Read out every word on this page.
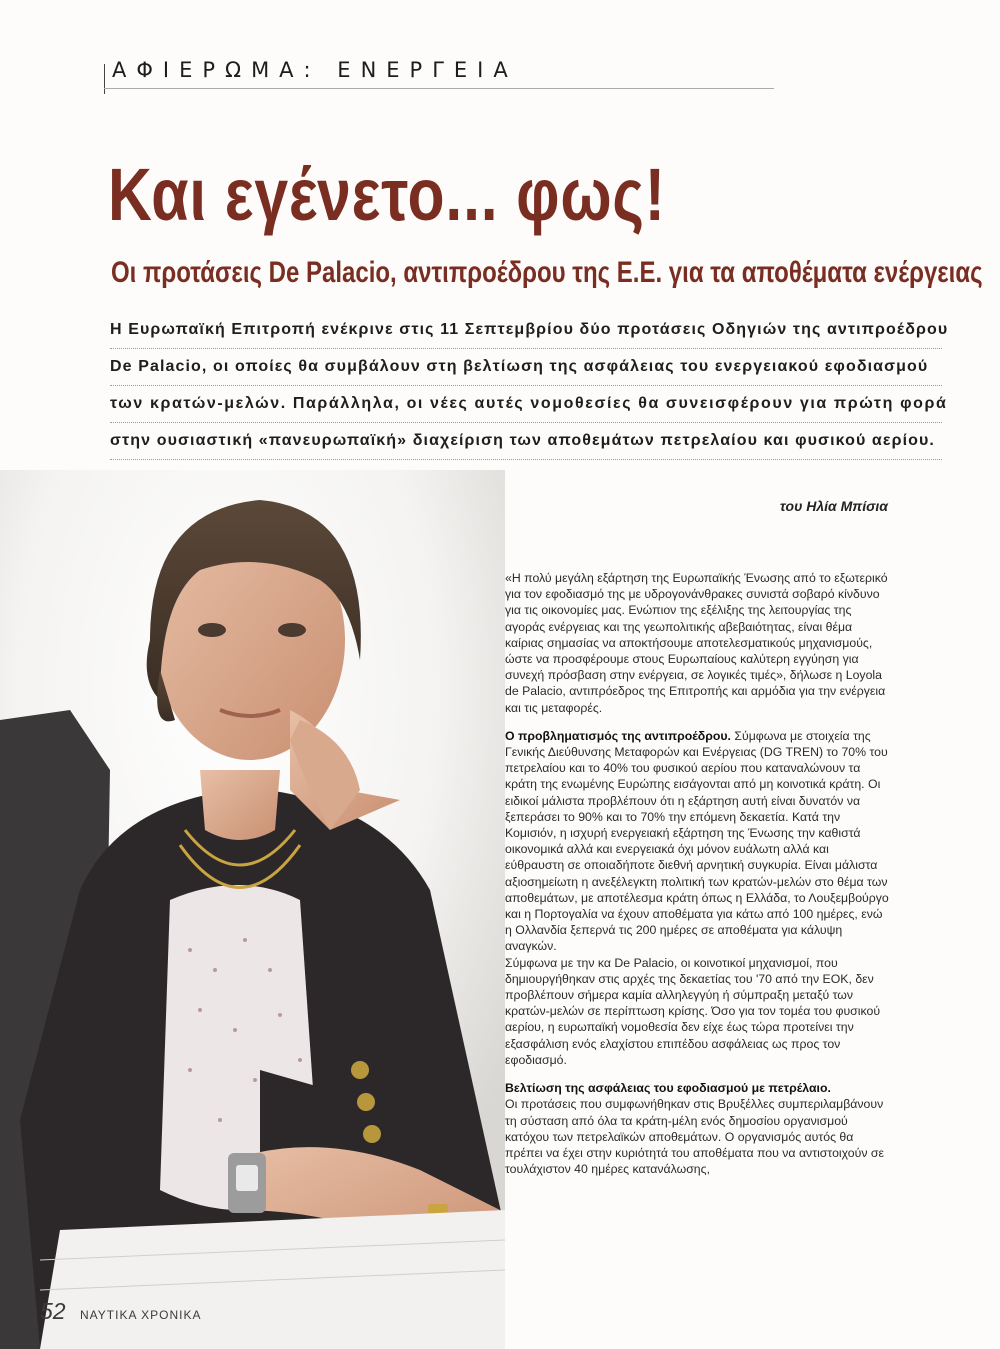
ΑΦΙΕΡΩΜΑ: ΕΝΕΡΓΕΙΑ
Και εγένετο... φως!
Οι προτάσεις De Palacio, αντιπροέδρου της Ε.Ε. για τα αποθέματα ενέργειας
Η Ευρωπαϊκή Επιτροπή ενέκρινε στις 11 Σεπτεμβρίου δύο προτάσεις Οδηγιών της αντιπροέδρου
De Palacio, οι οποίες θα συμβάλουν στη βελτίωση της ασφάλειας του ενεργειακού εφοδιασμού
των κρατών-μελών. Παράλληλα, οι νέες αυτές νομοθεσίες θα συνεισφέρουν για πρώτη φορά
στην ουσιαστική «πανευρωπαϊκή» διαχείριση των αποθεμάτων πετρελαίου και φυσικού αερίου.
του Ηλία Μπίσια

«Η πολύ μεγάλη εξάρτηση της Ευρωπαϊκής Ένωσης από το εξωτερικό για τον εφοδιασμό της με υδρογονάνθρακες συνιστά σοβαρό κίνδυνο για τις οικονομίες μας. Ενώπιον της εξέλιξης της λειτουργίας της αγοράς ενέργειας και της γεωπολιτικής αβεβαιότητας, είναι θέμα καίριας σημασίας να αποκτήσουμε αποτελεσματικούς μηχανισμούς, ώστε να προσφέρουμε στους Ευρωπαίους καλύτερη εγγύηση για συνεχή πρόσβαση στην ενέργεια, σε λογικές τιμές», δήλωσε η Loyola de Palacio, αντιπρόεδρος της Επιτροπής και αρμόδια για την ενέργεια και τις μεταφορές.

Ο προβληματισμός της αντιπροέδρου. Σύμφωνα με στοιχεία της Γενικής Διεύθυνσης Μεταφορών και Ενέργειας (DG TREN) το 70% του πετρελαίου και το 40% του φυσικού αερίου που καταναλώνουν τα κράτη της ενωμένης Ευρώπης εισάγονται από μη κοινοτικά κράτη. Οι ειδικοί μάλιστα προβλέπουν ότι η εξάρτηση αυτή είναι δυνατόν να ξεπεράσει το 90% και το 70% την επόμενη δεκαετία. Κατά την Κομισιόν, η ισχυρή ενεργειακή εξάρτηση της Ένωσης την καθιστά οικονομικά αλλά και ενεργειακά όχι μόνον ευάλωτη αλλά και εύθραυστη σε οποιαδήποτε διεθνή αρνητική συγκυρία. Είναι μάλιστα αξιοσημείωτη η ανεξέλεγκτη πολιτική των κρατών-μελών στο θέμα των αποθεμάτων, με αποτέλεσμα κράτη όπως η Ελλάδα, το Λουξεμβούργο και η Πορτογαλία να έχουν αποθέματα για κάτω από 100 ημέρες, ενώ η Ολλανδία ξεπερνά τις 200 ημέρες σε αποθέματα για κάλυψη αναγκών.
Σύμφωνα με την κα De Palacio, οι κοινοτικοί μηχανισμοί, που δημιουργήθηκαν στις αρχές της δεκαετίας του '70 από την ΕΟΚ, δεν προβλέπουν σήμερα καμία αλληλεγγύη ή σύμπραξη μεταξύ των κρατών-μελών σε περίπτωση κρίσης. Όσο για τον τομέα του φυσικού αερίου, η ευρωπαϊκή νομοθεσία δεν είχε έως τώρα προτείνει την εξασφάλιση ενός ελαχίστου επιπέδου ασφάλειας ως προς τον εφοδιασμό.

Βελτίωση της ασφάλειας του εφοδιασμού με πετρέλαιο.
Οι προτάσεις που συμφωνήθηκαν στις Βρυξέλλες συμπεριλαμβάνουν τη σύσταση από όλα τα κράτη-μέλη ενός δημοσίου οργανισμού κατόχου των πετρελαϊκών αποθεμάτων. Ο οργανισμός αυτός θα πρέπει να έχει στην κυριότητά του αποθέματα που να αντιστοιχούν σε τουλάχιστον 40 ημέρες κατανάλωσης,

52 ΝΑΥΤΙΚΑ ΧΡΟΝΙΚΑ
